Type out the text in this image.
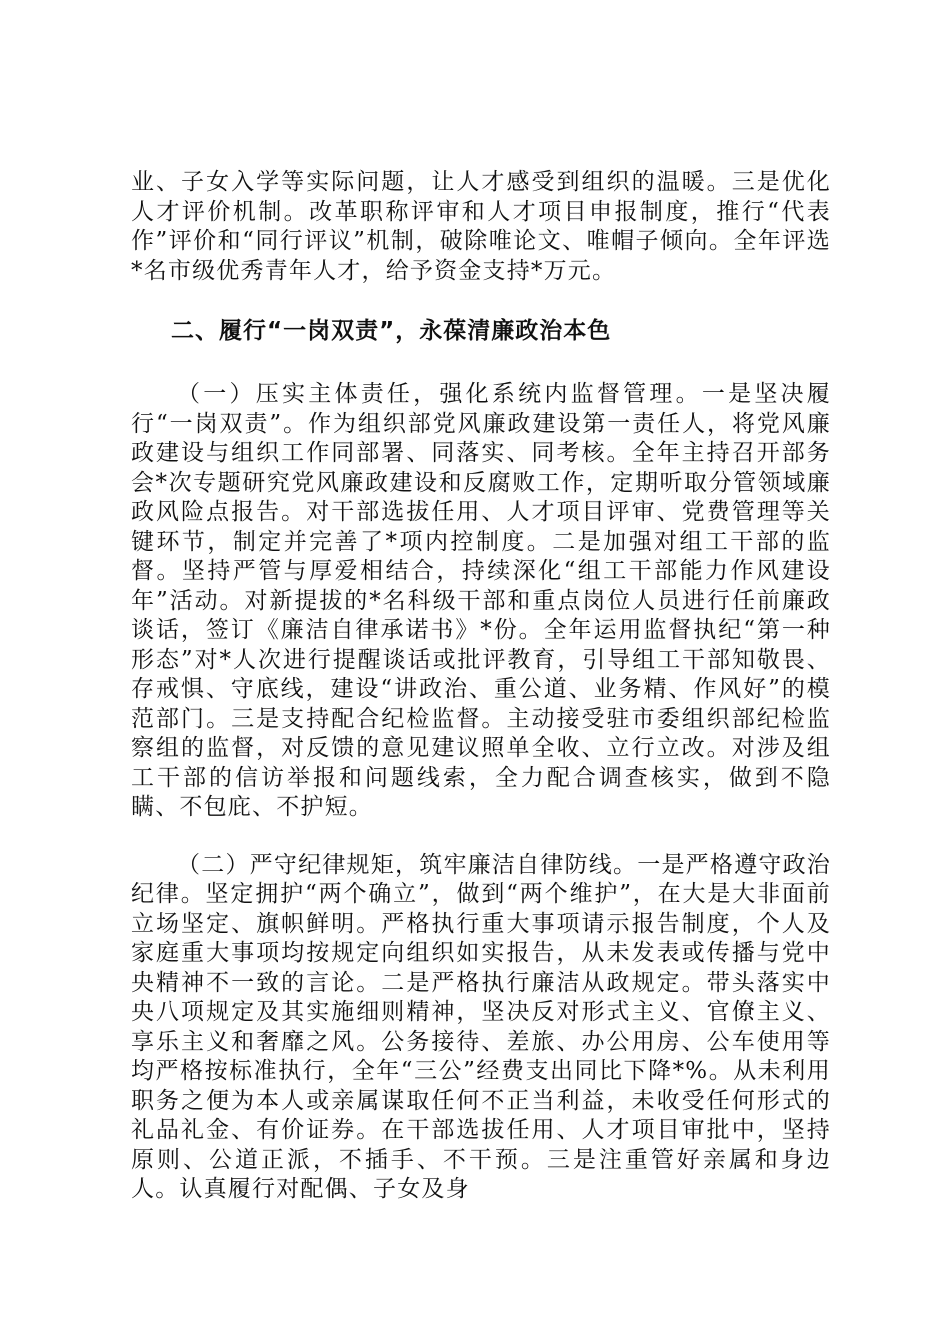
业、子女入学等实际问题，让人才感受到组织的温暖。三是优化人才评价机制。改革职称评审和人才项目申报制度，推行“代表作”评价和“同行评议”机制，破除唯论文、唯帽子倾向。全年评选*名市级优秀青年人才，给予资金支持*万元。

二、履行“一岗双责”，永葆清廉政治本色

（一）压实主体责任，强化系统内监督管理。一是坚决履行“一岗双责”。作为组织部党风廉政建设第一责任人，将党风廉政建设与组织工作同部署、同落实、同考核。全年主持召开部务会*次专题研究党风廉政建设和反腐败工作，定期听取分管领域廉政风险点报告。对干部选拔任用、人才项目评审、党费管理等关键环节，制定并完善了*项内控制度。二是加强对组工干部的监督。坚持严管与厚爱相结合，持续深化“组工干部能力作风建设年”活动。对新提拔的*名科级干部和重点岗位人员进行任前廉政谈话，签订《廉洁自律承诺书》*份。全年运用监督执纪“第一种形态”对*人次进行提醒谈话或批评教育，引导组工干部知敬畏、存戒惧、守底线，建设“讲政治、重公道、业务精、作风好”的模范部门。三是支持配合纪检监督。主动接受驻市委组织部纪检监察组的监督，对反馈的意见建议照单全收、立行立改。对涉及组工干部的信访举报和问题线索，全力配合调查核实，做到不隐瞒、不包庇、不护短。

（二）严守纪律规矩，筑牢廉洁自律防线。一是严格遵守政治纪律。坚定拥护“两个确立”，做到“两个维护”，在大是大非面前立场坚定、旗帜鲜明。严格执行重大事项请示报告制度，个人及家庭重大事项均按规定向组织如实报告，从未发表或传播与党中央精神不一致的言论。二是严格执行廉洁从政规定。带头落实中央八项规定及其实施细则精神，坚决反对形式主义、官僚主义、享乐主义和奢靡之风。公务接待、差旅、办公用房、公车使用等均严格按标准执行，全年“三公”经费支出同比下降*%。从未利用职务之便为本人或亲属谋取任何不正当利益，未收受任何形式的礼品礼金、有价证券。在干部选拔任用、人才项目审批中，坚持原则、公道正派，不插手、不干预。三是注重管好亲属和身边人。认真履行对配偶、子女及身
